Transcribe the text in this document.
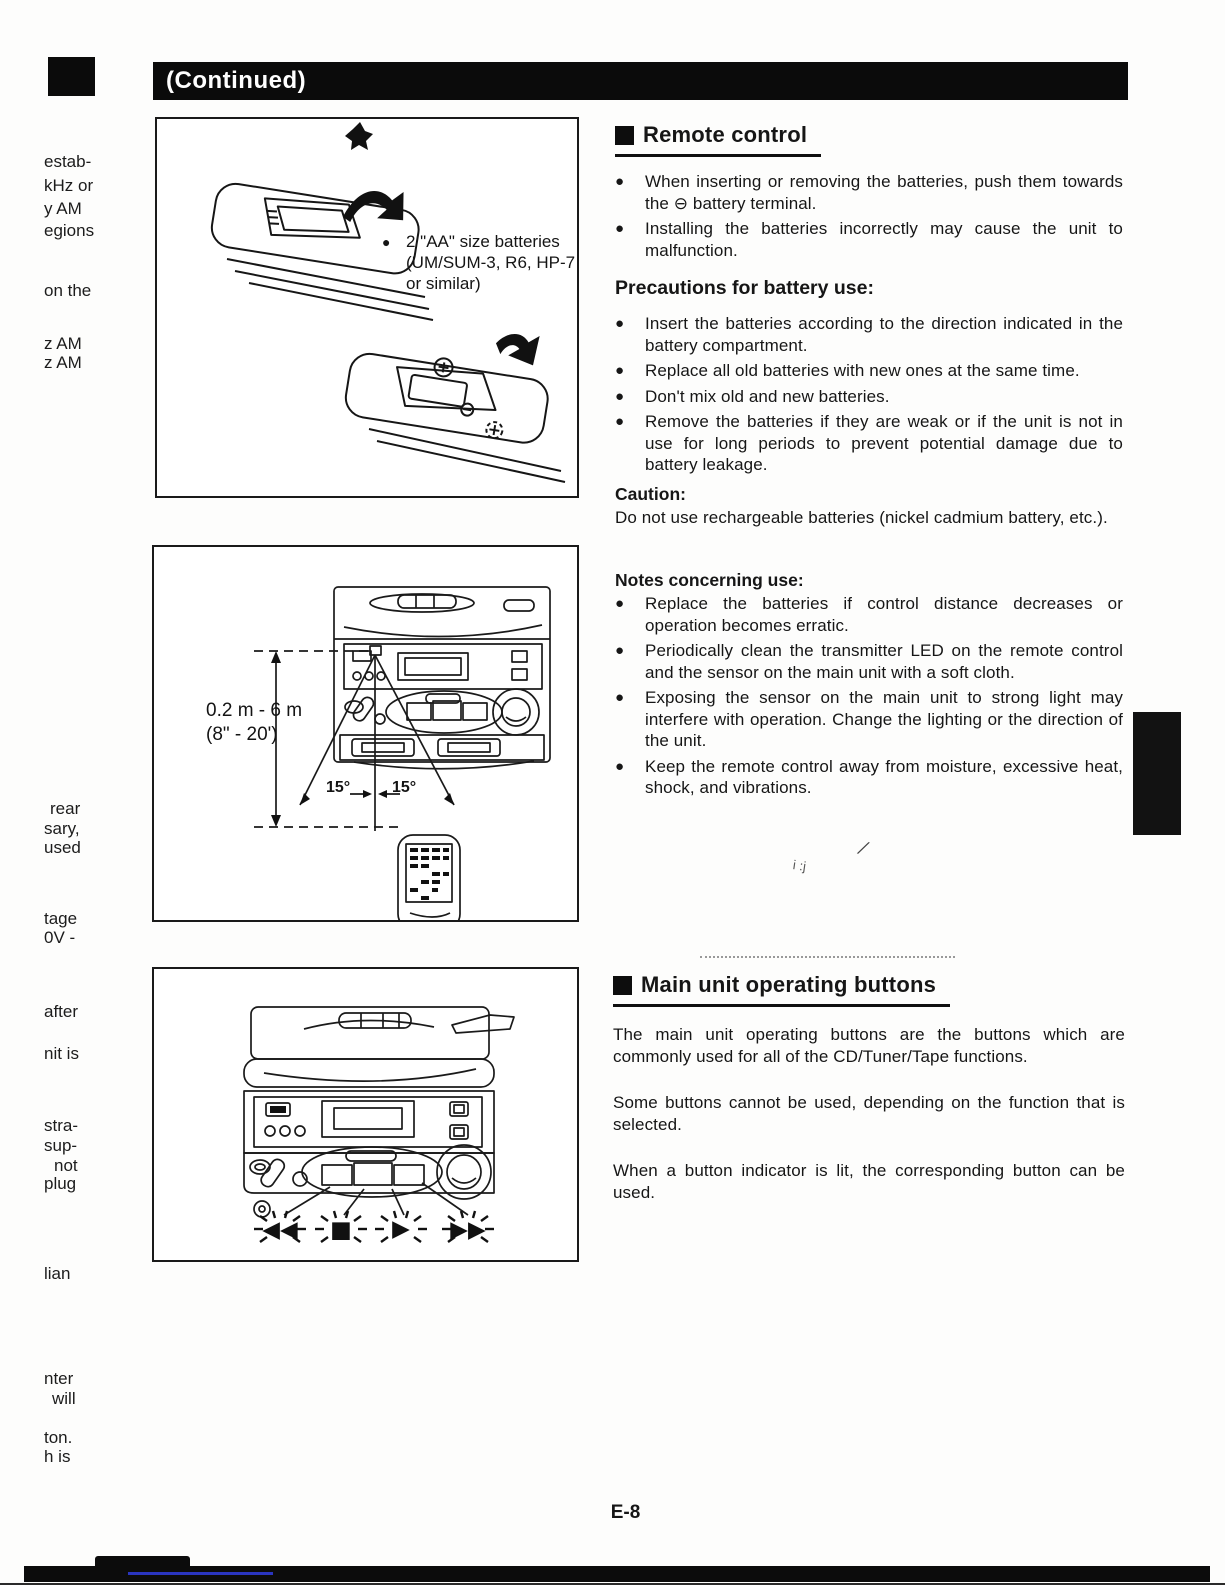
(Continued)
estab-
kHz or
y AM
egions
on the
z AM
z AM
rear
sary,
used
tage
0V -
after
nit is
stra-
sup-
not
plug
lian
nter
will
ton.
h is
●
2 "AA" size batteries (UM/SUM-3, R6, HP-7 or similar)
0.2 m - 6 m
(8" - 20')
15°	15°
◀◀ ■ ▶ ▶▶
Remote control
●
When inserting or removing the batteries, push them towards the ⊖ battery terminal.
●
Installing the batteries incorrectly may cause the unit to malfunction.
Precautions for battery use:
●
Insert the batteries according to the direction indicated in the battery compartment.
●
Replace all old batteries with new ones at the same time.
●
Don't mix old and new batteries.
●
Remove the batteries if they are weak or if the unit is not in use for long periods to prevent potential damage due to battery leakage.
Caution:

Do not use rechargeable batteries (nickel cadmium battery, etc.).

Notes concerning use:
●
Replace the batteries if control distance decreases or operation becomes erratic.
●
Periodically clean the transmitter LED on the remote control and the sensor on the main unit with a soft cloth.
●
Exposing the sensor on the main unit to strong light may interfere with operation. Change the lighting or the direction of the unit.
●
Keep the remote control away from moisture, excessive heat, shock, and vibrations.
Main unit operating buttons

The main unit operating buttons are the buttons which are commonly used for all of the CD/Tuner/Tape functions.

Some buttons cannot be used, depending on the function that is selected.

When a button indicator is lit, the corresponding button can be used.

i :j
∕
E-8
